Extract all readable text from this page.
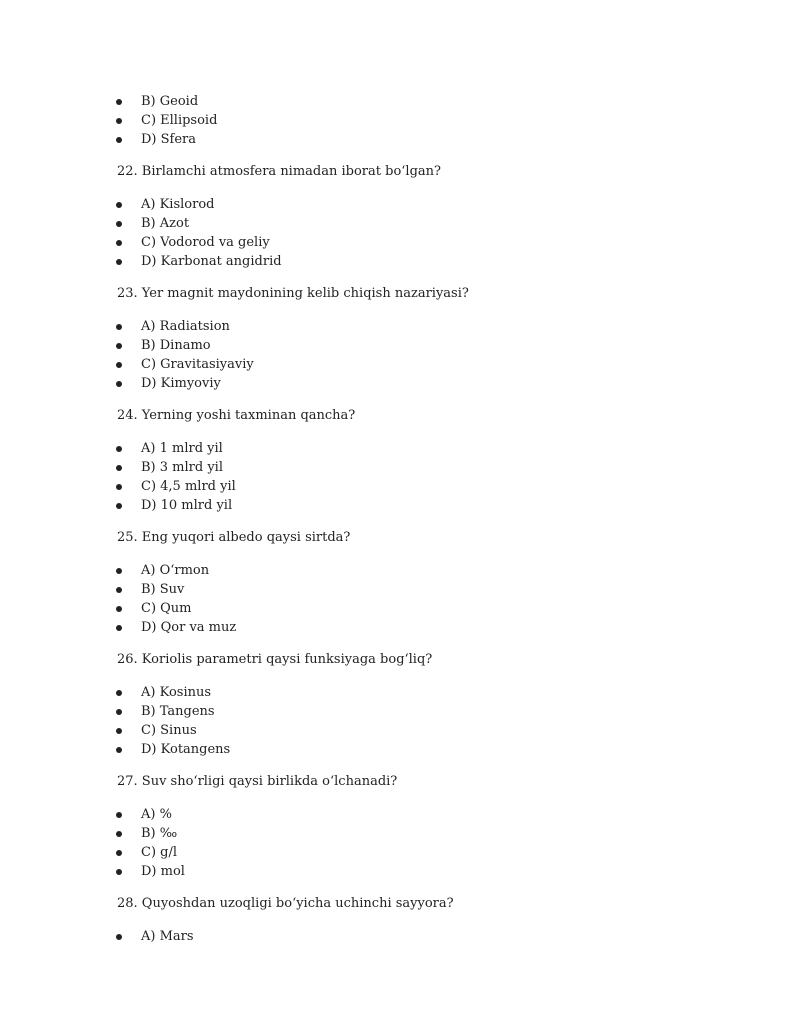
B) Geoid
C) Ellipsoid
D) Sfera

22. Birlamchi atmosfera nimadan iborat bo‘lgan?

A) Kislorod
B) Azot
C) Vodorod va geliy
D) Karbonat angidrid

23. Yer magnit maydonining kelib chiqish nazariyasi?

A) Radiatsion
B) Dinamo
C) Gravitasiyaviy
D) Kimyoviy

24. Yerning yoshi taxminan qancha?

A) 1 mlrd yil
B) 3 mlrd yil
C) 4,5 mlrd yil
D) 10 mlrd yil

25. Eng yuqori albedo qaysi sirtda?

A) O‘rmon
B) Suv
C) Qum
D) Qor va muz

26. Koriolis parametri qaysi funksiyaga bog‘liq?

A) Kosinus
B) Tangens
C) Sinus
D) Kotangens

27. Suv sho‘rligi qaysi birlikda o‘lchanadi?

A) %
B) ‰
C) g/l
D) mol

28. Quyoshdan uzoqligi bo‘yicha uchinchi sayyora?

A) Mars
